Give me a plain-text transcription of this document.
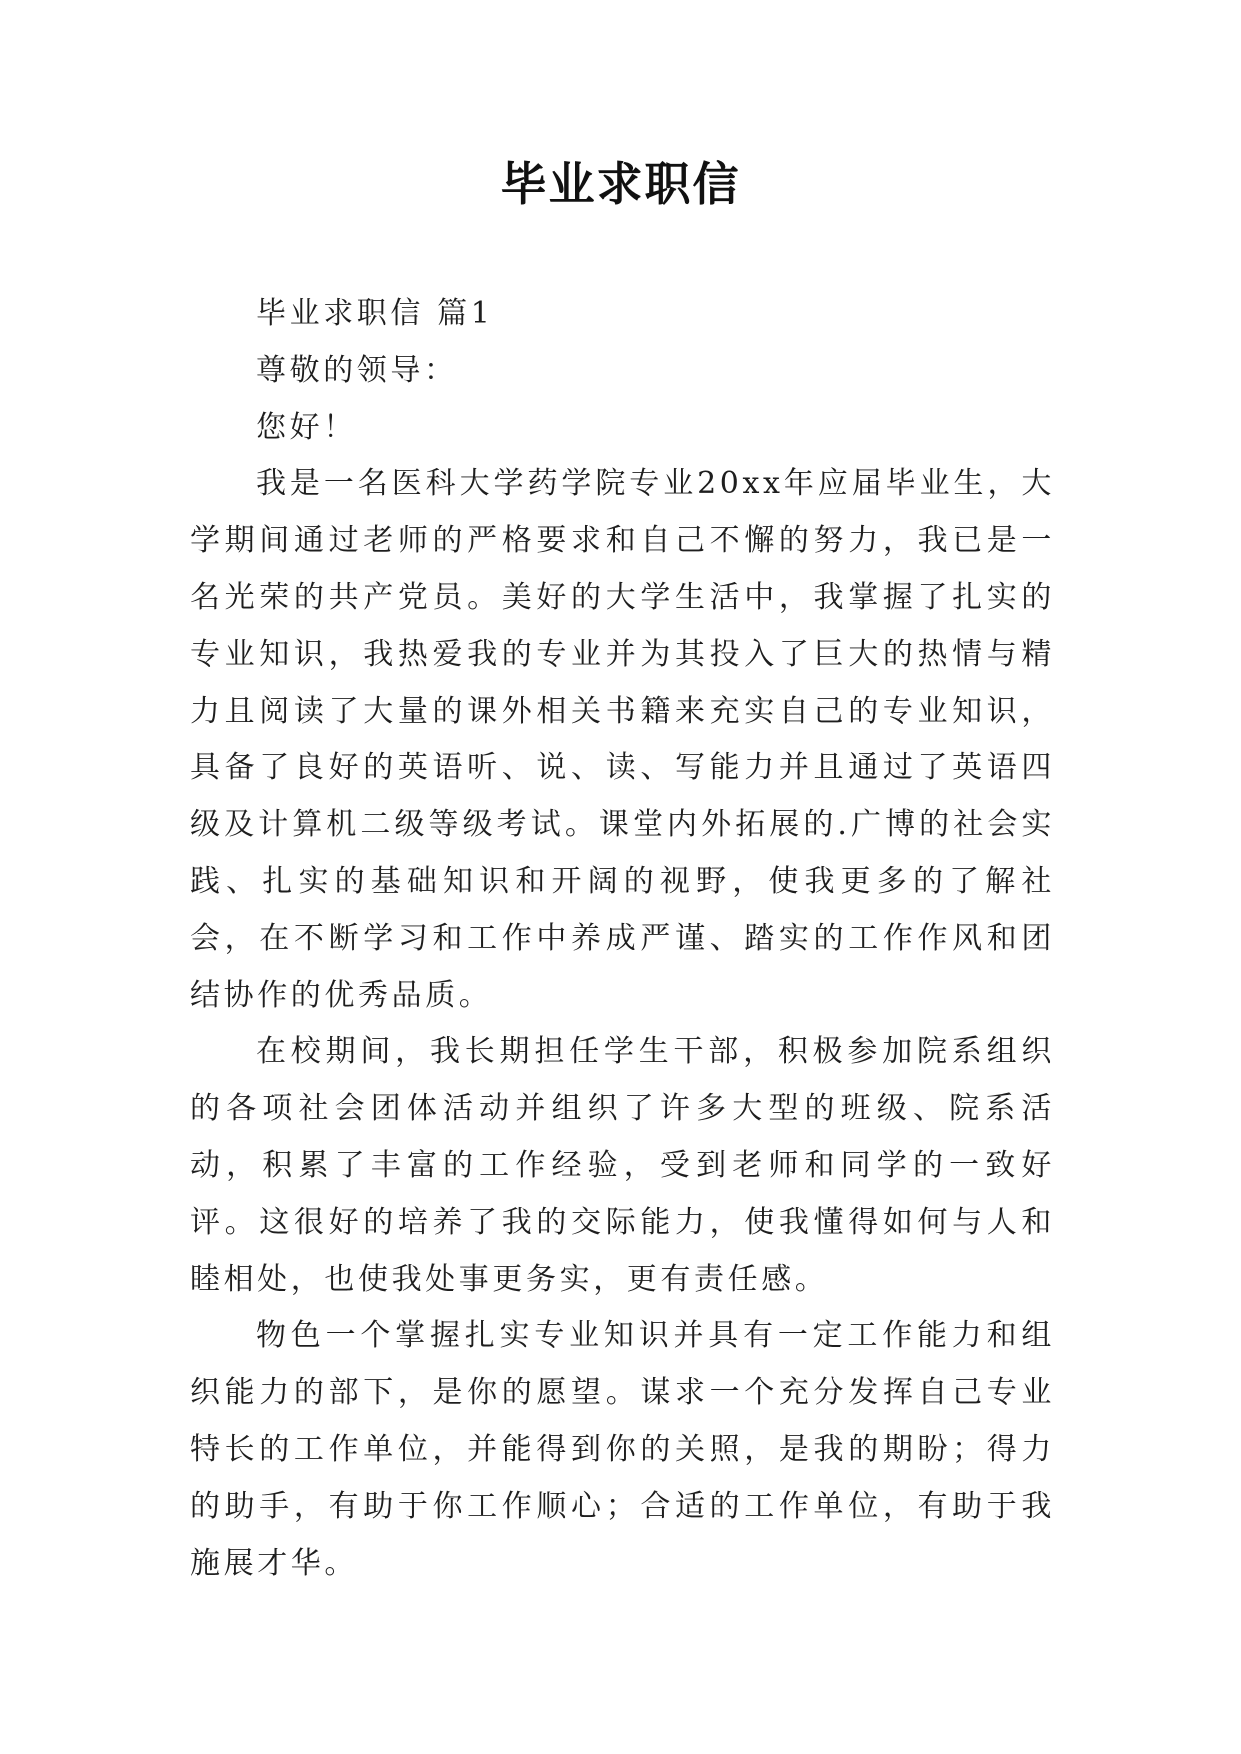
毕业求职信

毕业求职信 篇1

尊敬的领导：

您好！

我是一名医科大学药学院专业20xx年应届毕业生，大学期间通过老师的严格要求和自己不懈的努力，我已是一名光荣的共产党员。美好的大学生活中，我掌握了扎实的专业知识，我热爱我的专业并为其投入了巨大的热情与精力且阅读了大量的课外相关书籍来充实自己的专业知识，具备了良好的英语听、说、读、写能力并且通过了英语四级及计算机二级等级考试。课堂内外拓展的.广博的社会实践、扎实的基础知识和开阔的视野，使我更多的了解社会，在不断学习和工作中养成严谨、踏实的工作作风和团结协作的优秀品质。

在校期间，我长期担任学生干部，积极参加院系组织的各项社会团体活动并组织了许多大型的班级、院系活动，积累了丰富的工作经验，受到老师和同学的一致好评。这很好的培养了我的交际能力，使我懂得如何与人和睦相处，也使我处事更务实，更有责任感。

物色一个掌握扎实专业知识并具有一定工作能力和组织能力的部下，是你的愿望。谋求一个充分发挥自己专业特长的工作单位，并能得到你的关照，是我的期盼；得力的助手，有助于你工作顺心；合适的工作单位，有助于我施展才华。
